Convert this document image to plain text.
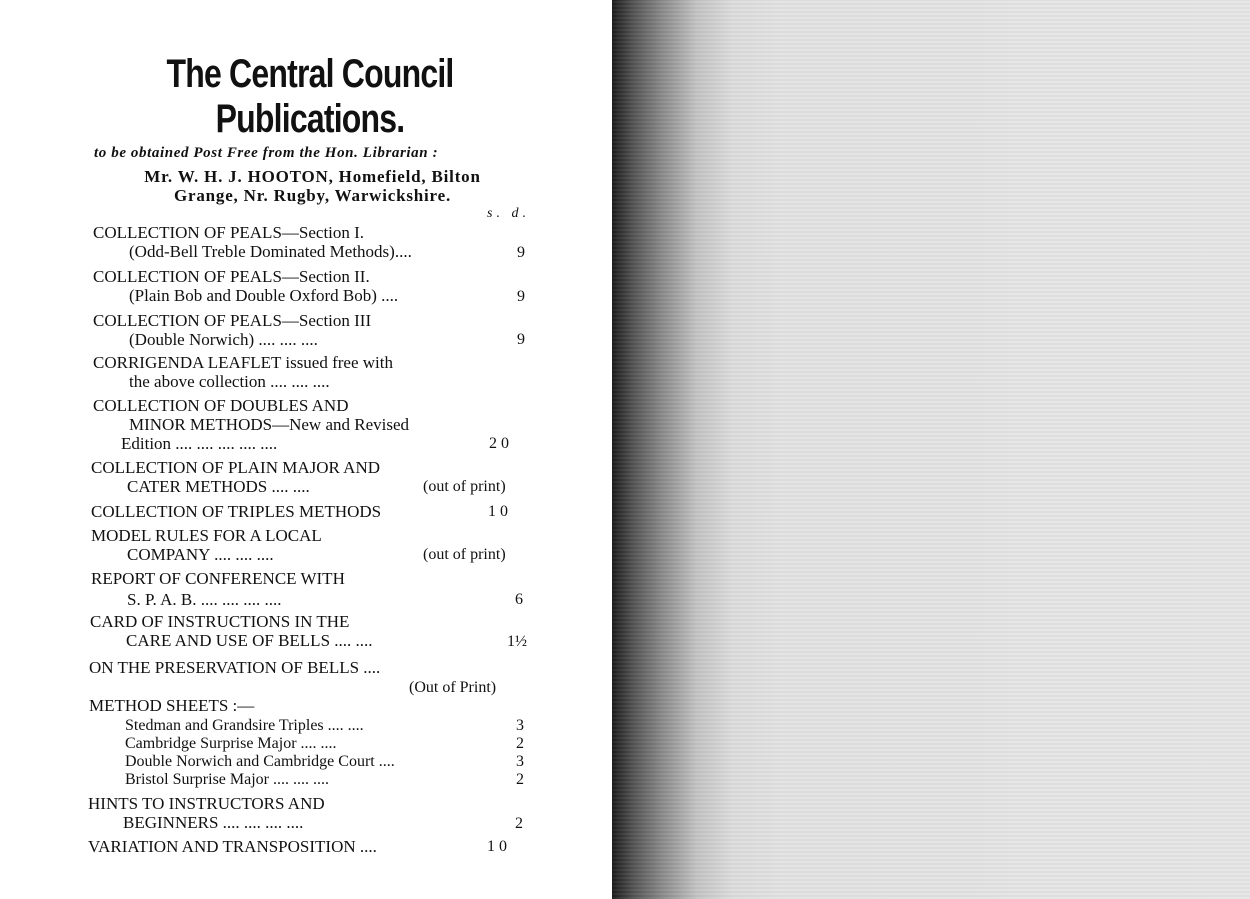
The Central Council
Publications.
to be obtained Post Free from the Hon. Librarian :
Mr. W. H. J. HOOTON, Homefield, Bilton
Grange, Nr. Rugby, Warwickshire.
s. d.
COLLECTION OF PEALS—Section I.
(Odd-Bell Treble Dominated Methods)....	9
COLLECTION OF PEALS—Section II.
(Plain Bob and Double Oxford Bob) ....	9
COLLECTION OF PEALS—Section III
(Double Norwich) .... .... ....	9
CORRIGENDA LEAFLET issued free with
the above collection .... .... ....
COLLECTION OF DOUBLES AND
MINOR METHODS—New and Revised
Edition .... .... .... .... ....	2 0
COLLECTION OF PLAIN MAJOR AND
CATER METHODS .... ....	(out of print)
COLLECTION OF TRIPLES METHODS	1 0
MODEL RULES FOR A LOCAL
COMPANY .... .... ....	(out of print)
REPORT OF CONFERENCE WITH
S. P. A. B. .... .... .... ....	6
CARD OF INSTRUCTIONS IN THE
CARE AND USE OF BELLS .... ....	1½
ON THE PRESERVATION OF BELLS ....
(Out of Print)
METHOD SHEETS :—
Stedman and Grandsire Triples .... ....	3
Cambridge Surprise Major .... ....	2
Double Norwich and Cambridge Court ....	3
Bristol Surprise Major .... .... ....	2
HINTS TO INSTRUCTORS AND
BEGINNERS .... .... .... ....	2
VARIATION AND TRANSPOSITION ....	1 0
